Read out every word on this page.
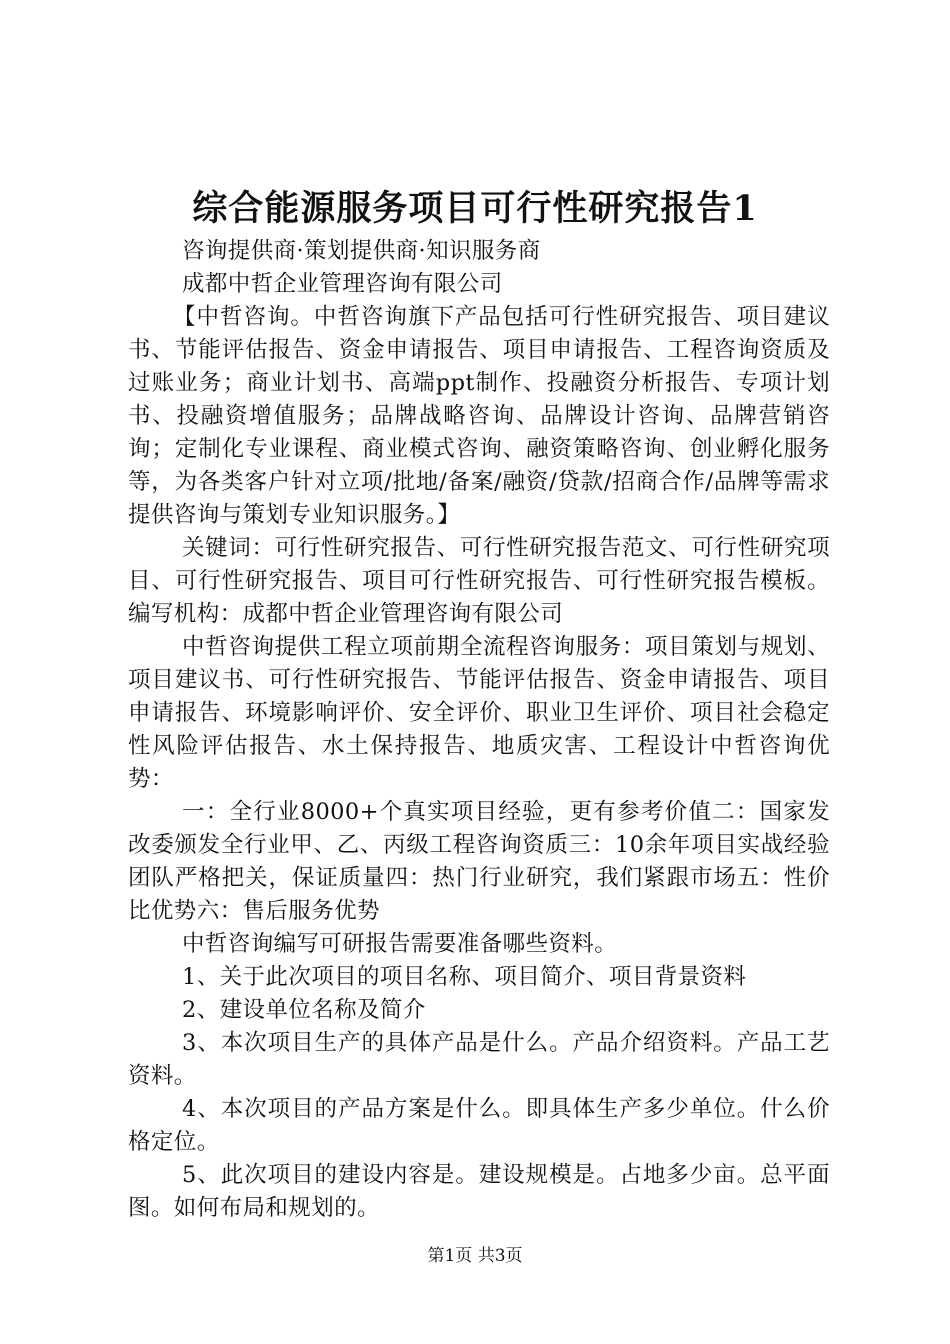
综合能源服务项目可行性研究报告1

咨询提供商·策划提供商·知识服务商

成都中哲企业管理咨询有限公司

【中哲咨询。中哲咨询旗下产品包括可行性研究报告、项目建议书、节能评估报告、资金申请报告、项目申请报告、工程咨询资质及过账业务；商业计划书、高端ppt制作、投融资分析报告、专项计划书、投融资增值服务；品牌战略咨询、品牌设计咨询、品牌营销咨询；定制化专业课程、商业模式咨询、融资策略咨询、创业孵化服务等，为各类客户针对立项/批地/备案/融资/贷款/招商合作/品牌等需求提供咨询与策划专业知识服务。】

关键词：可行性研究报告、可行性研究报告范文、可行性研究项目、可行性研究报告、项目可行性研究报告、可行性研究报告模板。编写机构：成都中哲企业管理咨询有限公司

中哲咨询提供工程立项前期全流程咨询服务：项目策划与规划、项目建议书、可行性研究报告、节能评估报告、资金申请报告、项目申请报告、环境影响评价、安全评价、职业卫生评价、项目社会稳定性风险评估报告、水土保持报告、地质灾害、工程设计中哲咨询优势：

一：全行业8000+个真实项目经验，更有参考价值二：国家发改委颁发全行业甲、乙、丙级工程咨询资质三：10余年项目实战经验团队严格把关，保证质量四：热门行业研究，我们紧跟市场五：性价比优势六：售后服务优势

中哲咨询编写可研报告需要准备哪些资料。

1、关于此次项目的项目名称、项目简介、项目背景资料

2、建设单位名称及简介

3、本次项目生产的具体产品是什么。产品介绍资料。产品工艺资料。

4、本次项目的产品方案是什么。即具体生产多少单位。什么价格定位。

5、此次项目的建设内容是。建设规模是。占地多少亩。总平面图。如何布局和规划的。

第1页 共3页
